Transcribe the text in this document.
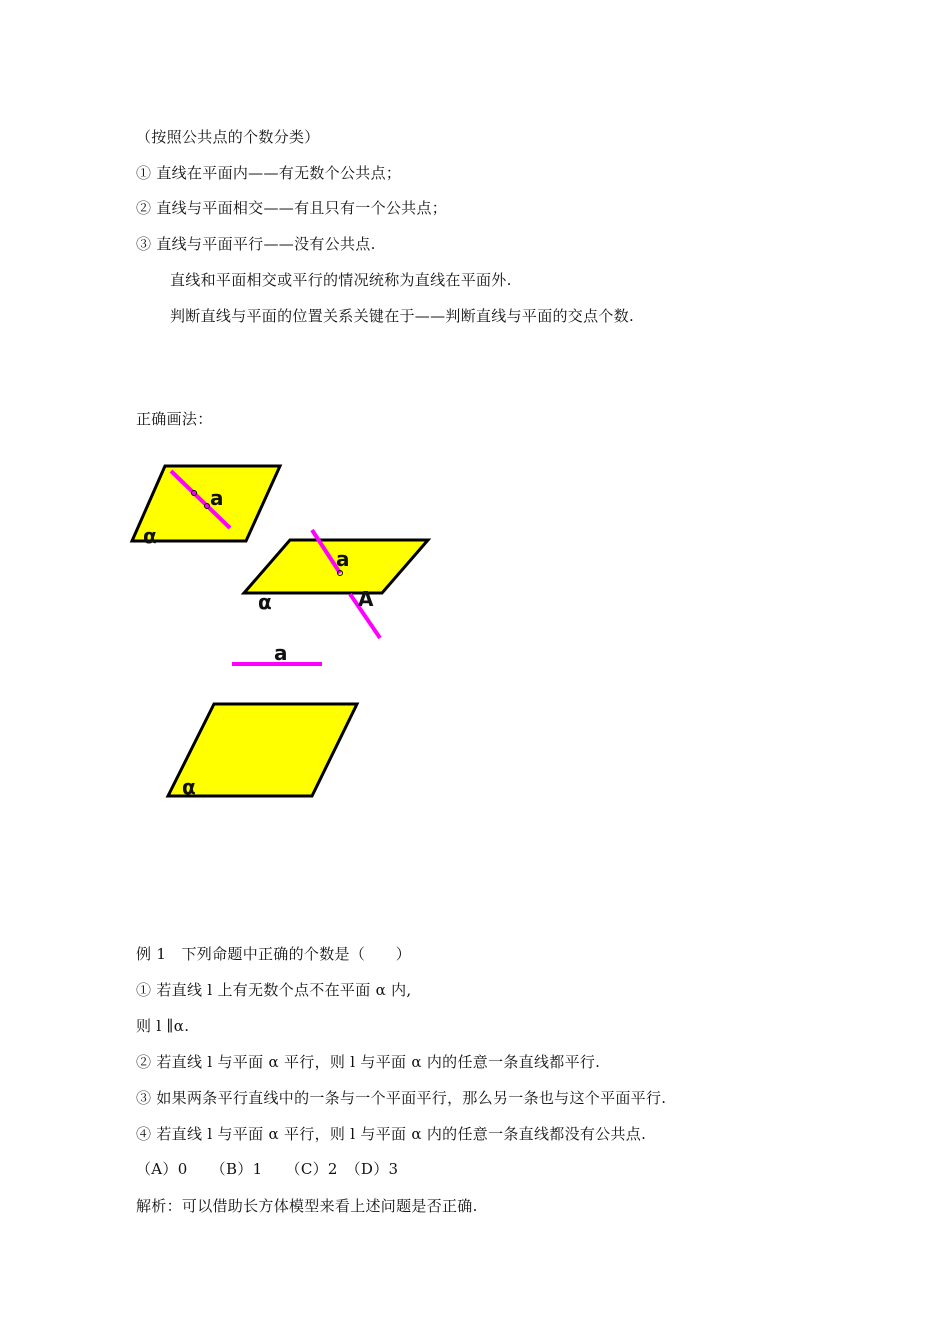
（按照公共点的个数分类）
① 直线在平面内——有无数个公共点；
② 直线与平面相交——有且只有一个公共点；
③ 直线与平面平行——没有公共点.
直线和平面相交或平行的情况统称为直线在平面外.
判断直线与平面的位置关系关键在于——判断直线与平面的交点个数.
正确画法：
a
α
a
A
α
a
α
例 1　下列命题中正确的个数是（　　）
① 若直线 l 上有无数个点不在平面 α 内,
则 l ∥α.
② 若直线 l 与平面 α 平行，则 l 与平面 α 内的任意一条直线都平行.
③ 如果两条平行直线中的一条与一个平面平行，那么另一条也与这个平面平行.
④ 若直线 l 与平面 α 平行，则 l 与平面 α 内的任意一条直线都没有公共点.
（A）0　　（B）1　　（C）2　（D）3
解析：可以借助长方体模型来看上述问题是否正确.
